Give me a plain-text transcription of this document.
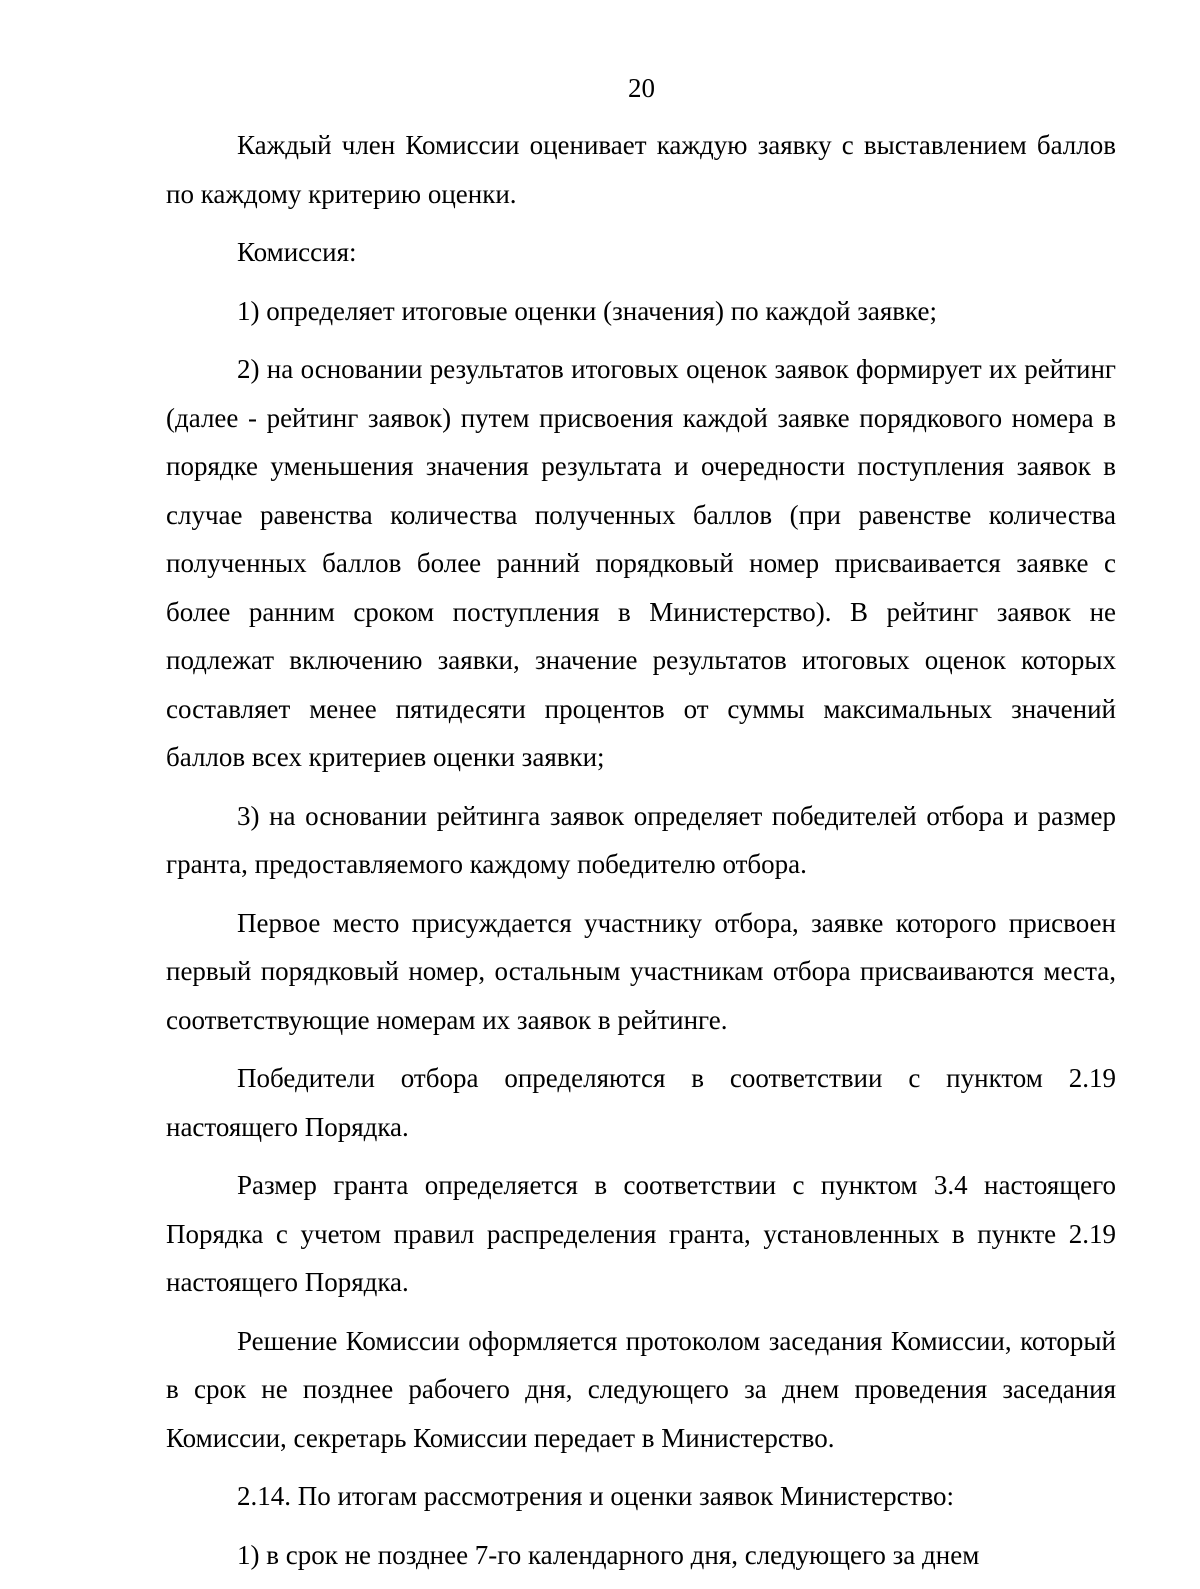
20

Каждый член Комиссии оценивает каждую заявку с выставлением баллов по каждому критерию оценки.

Комиссия:

1) определяет итоговые оценки (значения) по каждой заявке;

2) на основании результатов итоговых оценок заявок формирует их рейтинг (далее - рейтинг заявок) путем присвоения каждой заявке порядкового номера в порядке уменьшения значения результата и очередности поступления заявок в случае равенства количества полученных баллов (при равенстве количества полученных баллов более ранний порядковый номер присваивается заявке с более ранним сроком поступления в Министерство). В рейтинг заявок не подлежат включению заявки, значение результатов итоговых оценок которых составляет менее пятидесяти процентов от суммы максимальных значений баллов всех критериев оценки заявки;

3) на основании рейтинга заявок определяет победителей отбора и размер гранта, предоставляемого каждому победителю отбора.

Первое место присуждается участнику отбора, заявке которого присвоен первый порядковый номер, остальным участникам отбора присваиваются места, соответствующие номерам их заявок в рейтинге.

Победители отбора определяются в соответствии с пунктом 2.19 настоящего Порядка.

Размер гранта определяется в соответствии с пунктом 3.4 настоящего Порядка с учетом правил распределения гранта, установленных в пункте 2.19 настоящего Порядка.

Решение Комиссии оформляется протоколом заседания Комиссии, который в срок не позднее рабочего дня, следующего за днем проведения заседания Комиссии, секретарь Комиссии передает в Министерство.

2.14. По итогам рассмотрения и оценки заявок Министерство:

1) в срок не позднее 7-го календарного дня, следующего за днем
